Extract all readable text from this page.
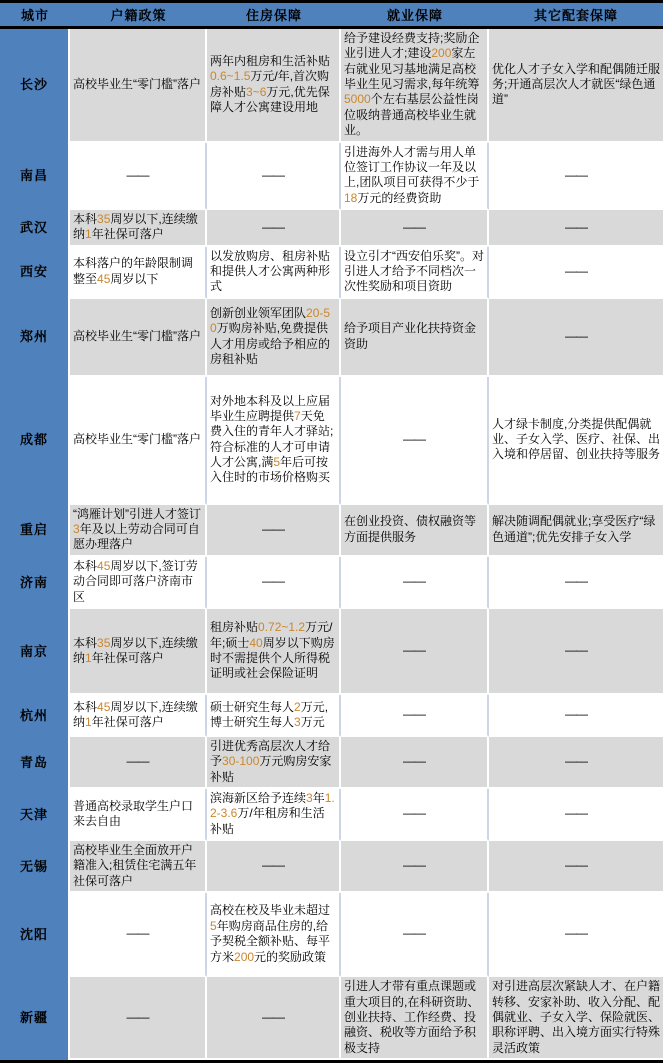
城市	户籍政策	住房保障	就业保障	其它配套保障
长沙	高校毕业生“零门槛”落户	两年内租房和生活补贴0.6~1.5万元/年,首次购房补贴3~6万元,优先保障人才公寓建设用地	给予建设经费支持;奖励企业引进人才;建设200家左右就业见习基地满足高校毕业生见习需求,每年统筹5000个左右基层公益性岗位吸纳普通高校毕业生就业。	优化人才子女入学和配偶随迁服务;开通高层次人才就医“绿色通道”
南昌	——	——	引进海外人才需与用人单位签订工作协议一年及以上,团队项目可获得不少于18万元的经费资助	——
武汉	本科35周岁以下,连续缴纳1年社保可落户	——	——	——
西安	本科落户的年龄限制调整至45周岁以下	以发放购房、租房补贴和提供人才公寓两种形式	设立引才“西安伯乐奖”。对引进人才给予不同档次一次性奖励和项目资助	——
郑州	高校毕业生“零门槛”落户	创新创业领军团队20-50万购房补贴,免费提供人才用房或给予相应的房租补贴	给予项目产业化扶持资金资助	——
成都	高校毕业生“零门槛”落户	对外地本科及以上应届毕业生应聘提供7天免费入住的青年人才驿站;符合标准的人才可申请人才公寓,满5年后可按入住时的市场价格购买	——	人才绿卡制度,分类提供配偶就业、子女入学、医疗、社保、出入境和停居留、创业扶持等服务
重启	“鸿雁计划”引进人才签订3年及以上劳动合同可自愿办理落户	——	在创业投资、债权融资等方面提供服务	解决随调配偶就业;享受医疗“绿色通道”;优先安排子女入学
济南	本科45周岁以下,签订劳动合同即可落户济南市区	——	——	——
南京	本科35周岁以下,连续缴纳1年社保可落户	租房补贴0.72~1.2万元/年;硕士40周岁以下购房时不需提供个人所得税证明或社会保险证明	——	——
杭州	本科45周岁以下,连续缴纳1年社保可落户	硕士研究生每人2万元,博士研究生每人3万元	——	——
青岛	——	引进优秀高层次人才给予30-100万元购房安家补贴	——	——
天津	普通高校录取学生户口来去自由	滨海新区给予连续3年1.2-3.6万/年租房和生活补贴	——	——
无锡	高校毕业生全面放开户籍准入;租赁住宅满五年社保可落户	——	——	——
沈阳	——	高校在校及毕业未超过5年购房商品住房的,给予契税全额补贴、每平方米200元的奖励政策	——	——
新疆	——	——	引进人才带有重点课题或重大项目的,在科研资助、创业扶持、工作经费、投融资、税收等方面给予积极支持	对引进高层次紧缺人才、在户籍转移、安家补助、收入分配、配偶就业、子女入学、保险就医、职称评聘、出入境方面实行特殊灵活政策
